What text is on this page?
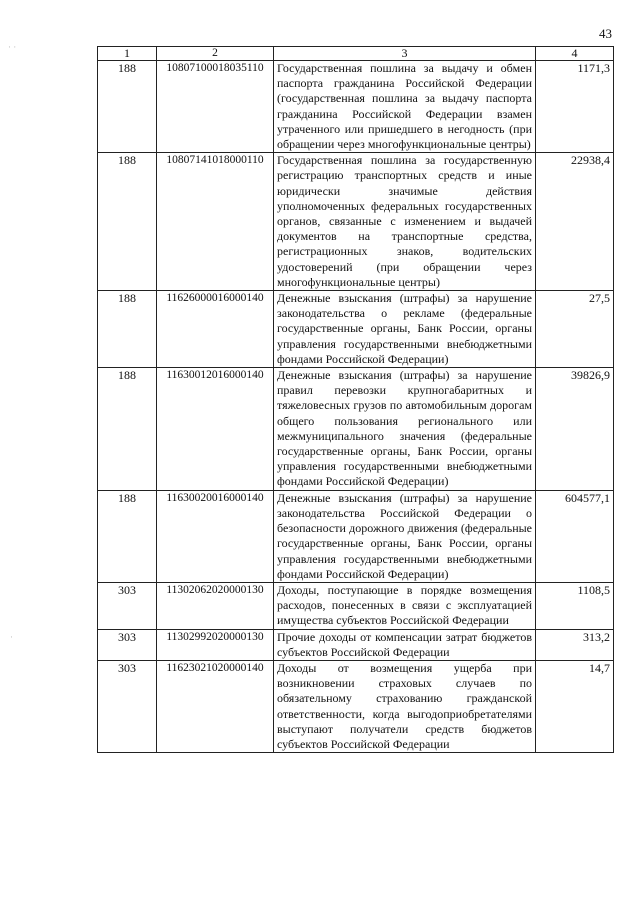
43
· ·
·
1	2	3	4
188	10807100018035110	Государственная пошлина за выдачу и обмен паспорта гражданина Российской Федерации (государственная пошлина за выдачу паспорта гражданина Российской Федерации взамен утраченного или пришедшего в негодность (при обращении через многофункциональные центры)	1171,3
188	10807141018000110	Государственная пошлина за государственную регистрацию транспортных средств и иные юридически значимые действия уполномоченных федеральных государственных органов, связанные с изменением и выдачей документов на транспортные средства, регистрационных знаков, водительских удостоверений (при обращении через многофункциональные центры)	22938,4
188	11626000016000140	Денежные взыскания (штрафы) за нарушение законодательства о рекламе (федеральные государственные органы, Банк России, органы управления государственными внебюджетными фондами Российской Федерации)	27,5
188	11630012016000140	Денежные взыскания (штрафы) за нарушение правил перевозки крупногабаритных и тяжеловесных грузов по автомобильным дорогам общего пользования регионального или межмуниципального значения (федеральные государственные органы, Банк России, органы управления государственными внебюджетными фондами Российской Федерации)	39826,9
188	11630020016000140	Денежные взыскания (штрафы) за нарушение законодательства Российской Федерации о безопасности дорожного движения (федеральные государственные органы, Банк России, органы управления государственными внебюджетными фондами Российской Федерации)	604577,1
303	11302062020000130	Доходы, поступающие в порядке возмещения расходов, понесенных в связи с эксплуатацией имущества субъектов Российской Федерации	1108,5
303	11302992020000130	Прочие доходы от компенсации затрат бюджетов субъектов Российской Федерации	313,2
303	11623021020000140	Доходы от возмещения ущерба при возникновении страховых случаев по обязательному страхованию гражданской ответственности, когда выгодоприобретателями выступают получатели средств бюджетов субъектов Российской Федерации	14,7
